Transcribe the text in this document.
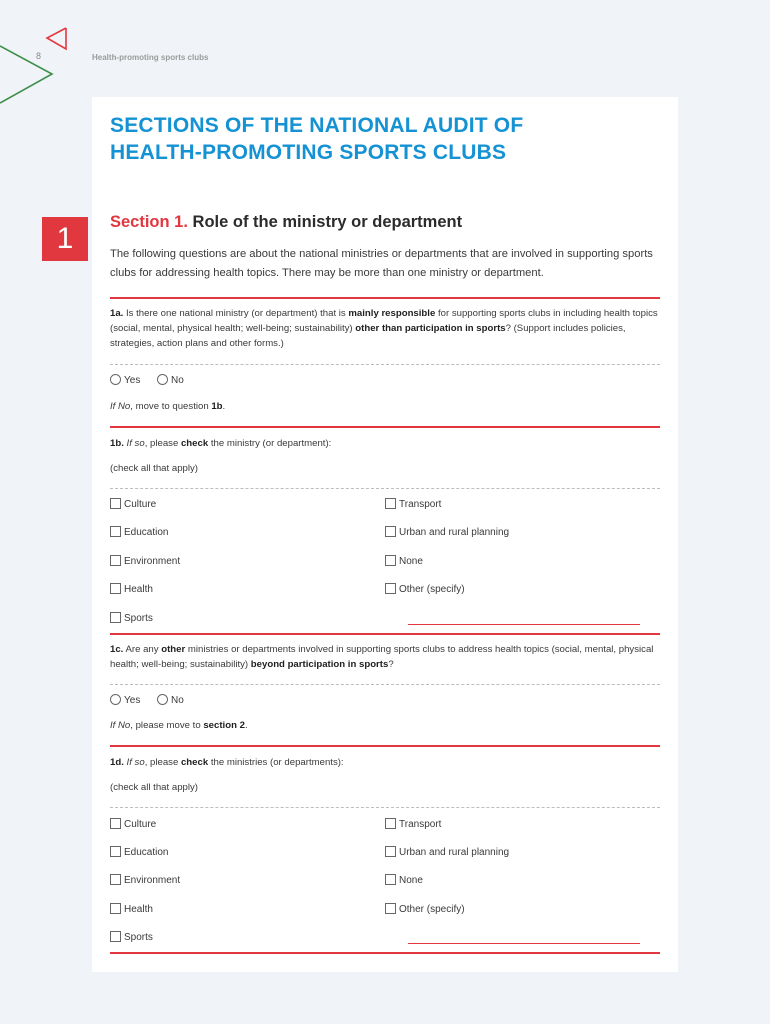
8	Health-promoting sports clubs
SECTIONS OF THE NATIONAL AUDIT OF
HEALTH-PROMOTING SPORTS CLUBS
1	Section 1. Role of the ministry or department
The following questions are about the national ministries or departments that are involved in supporting sports clubs for addressing health topics. There may be more than one ministry or department.
1a. Is there one national ministry (or department) that is mainly responsible for supporting sports clubs in including health topics (social, mental, physical health; well-being; sustainability) other than participation in sports? (Support includes policies, strategies, action plans and other forms.)
Yes	No
If No, move to question 1b.
1b. If so, please check the ministry (or department):
(check all that apply)
Culture
Education
Environment
Health
Sports
Transport
Urban and rural planning
None
Other (specify)
1c. Are any other ministries or departments involved in supporting sports clubs to address health topics (social, mental, physical health; well-being; sustainability) beyond participation in sports?
Yes	No
If No, please move to section 2.
1d. If so, please check the ministries (or departments):
(check all that apply)
Culture
Education
Environment
Health
Sports
Transport
Urban and rural planning
None
Other (specify)
